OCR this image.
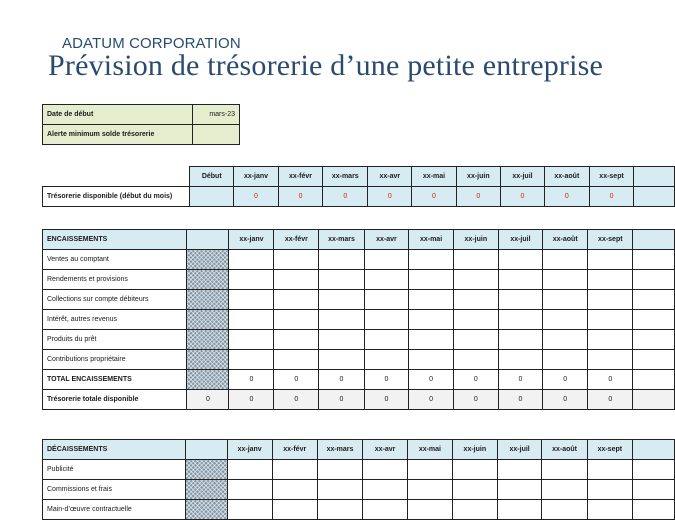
ADATUM CORPORATION
Prévision de trésorerie d’une petite entreprise
Date de début	mars-23
Alerte minimum solde trésorerie	
	Début	xx-janv	xx-févr	xx-mars	xx-avr	xx-mai	xx-juin	xx-juil	xx-août	xx-sept	
Trésorerie disponible (début du mois)		0	0	0	0	0	0	0	0	0	
ENCAISSEMENTS		xx-janv	xx-févr	xx-mars	xx-avr	xx-mai	xx-juin	xx-juil	xx-août	xx-sept	
Ventes au comptant											
Rendements et provisions											
Collections sur compte débiteurs											
Intérêt, autres revenus											
Produits du prêt											
Contributions propriétaire											
TOTAL ENCAISSEMENTS		0	0	0	0	0	0	0	0	0	
Trésorerie totale disponible	0	0	0	0	0	0	0	0	0	0	
DÉCAISSEMENTS		xx-janv	xx-févr	xx-mars	xx-avr	xx-mai	xx-juin	xx-juil	xx-août	xx-sept	
Publicité											
Commissions et frais											
Main-d’œuvre contractuelle											
